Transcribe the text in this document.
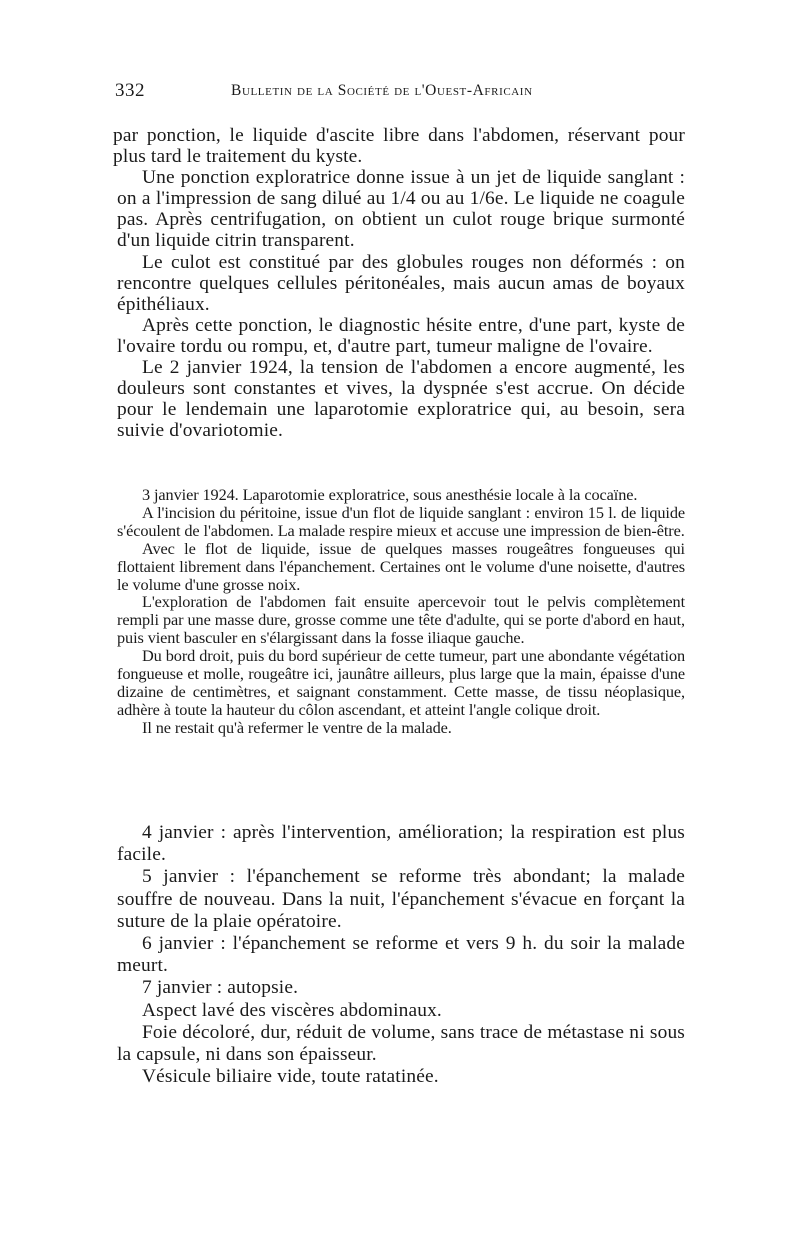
332	Bulletin de la Société de l'Ouest-Africain

par ponction, le liquide d'ascite libre dans l'abdomen, réservant pour plus tard le traitement du kyste.

Une ponction exploratrice donne issue à un jet de liquide sanglant : on a l'impression de sang dilué au 1/4 ou au 1/6e. Le liquide ne coagule pas. Après centrifugation, on obtient un culot rouge brique surmonté d'un liquide citrin transparent.

Le culot est constitué par des globules rouges non déformés : on rencontre quelques cellules péritonéales, mais aucun amas de boyaux épithéliaux.

Après cette ponction, le diagnostic hésite entre, d'une part, kyste de l'ovaire tordu ou rompu, et, d'autre part, tumeur maligne de l'ovaire.

Le 2 janvier 1924, la tension de l'abdomen a encore augmenté, les douleurs sont constantes et vives, la dyspnée s'est accrue. On décide pour le lendemain une laparotomie exploratrice qui, au besoin, sera suivie d'ovariotomie.

3 janvier 1924. Laparotomie exploratrice, sous anesthésie locale à la cocaïne.

A l'incision du péritoine, issue d'un flot de liquide sanglant : environ 15 l. de liquide s'écoulent de l'abdomen. La malade respire mieux et accuse une impression de bien-être.

Avec le flot de liquide, issue de quelques masses rougeâtres fongueuses qui flottaient librement dans l'épanchement. Certaines ont le volume d'une noisette, d'autres le volume d'une grosse noix.

L'exploration de l'abdomen fait ensuite apercevoir tout le pelvis complètement rempli par une masse dure, grosse comme une tête d'adulte, qui se porte d'abord en haut, puis vient basculer en s'élargissant dans la fosse iliaque gauche.

Du bord droit, puis du bord supérieur de cette tumeur, part une abondante végétation fongueuse et molle, rougeâtre ici, jaunâtre ailleurs, plus large que la main, épaisse d'une dizaine de centimètres, et saignant constamment. Cette masse, de tissu néoplasique, adhère à toute la hauteur du côlon ascendant, et atteint l'angle colique droit.

Il ne restait qu'à refermer le ventre de la malade.

4 janvier : après l'intervention, amélioration; la respiration est plus facile.

5 janvier : l'épanchement se reforme très abondant; la malade souffre de nouveau. Dans la nuit, l'épanchement s'évacue en forçant la suture de la plaie opératoire.

6 janvier : l'épanchement se reforme et vers 9 h. du soir la malade meurt.

7 janvier : autopsie.

Aspect lavé des viscères abdominaux.

Foie décoloré, dur, réduit de volume, sans trace de métastase ni sous la capsule, ni dans son épaisseur.

Vésicule biliaire vide, toute ratatinée.
